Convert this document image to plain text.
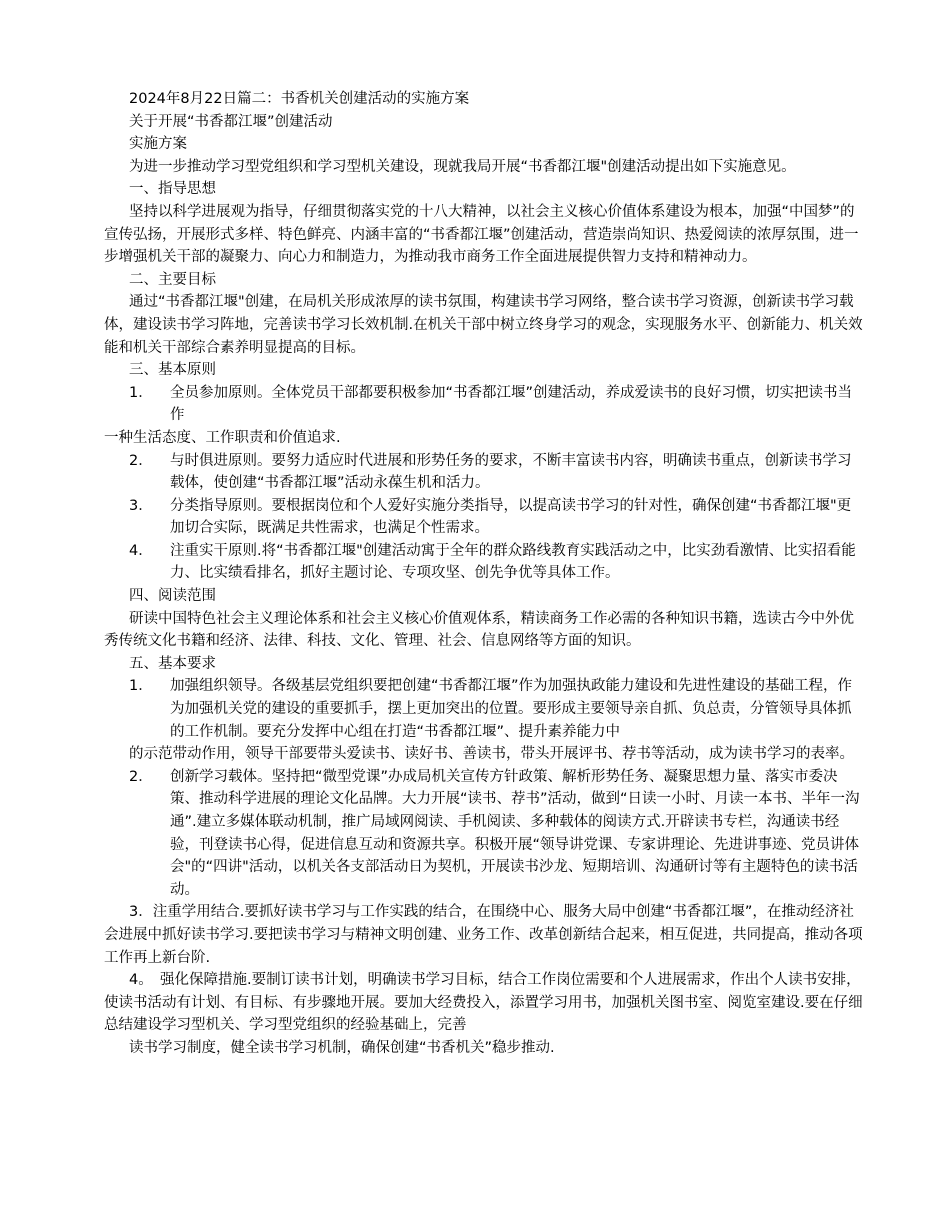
2024年8月22日篇二：书香机关创建活动的实施方案

关于开展“书香都江堰”创建活动

实施方案

为进一步推动学习型党组织和学习型机关建设，现就我局开展“书香都江堰"创建活动提出如下实施意见。

一、指导思想

坚持以科学进展观为指导，仔细贯彻落实党的十八大精神，以社会主义核心价值体系建设为根本，加强“中国梦”的宣传弘扬，开展形式多样、特色鲜亮、内涵丰富的“书香都江堰”创建活动，营造崇尚知识、热爱阅读的浓厚氛围，进一步增强机关干部的凝聚力、向心力和制造力，为推动我市商务工作全面进展提供智力支持和精神动力。

二、主要目标

通过“书香都江堰"创建，在局机关形成浓厚的读书氛围，构建读书学习网络，整合读书学习资源，创新读书学习载体，建设读书学习阵地，完善读书学习长效机制.在机关干部中树立终身学习的观念，实现服务水平、创新能力、机关效能和机关干部综合素养明显提高的目标。

三、基本原则

1．	全员参加原则。全体党员干部都要积极参加“书香都江堰”创建活动，养成爱读书的良好习惯，切实把读书当作

一种生活态度、工作职责和价值追求.

2．	与时俱进原则。要努力适应时代进展和形势任务的要求，不断丰富读书内容，明确读书重点，创新读书学习载体，使创建“书香都江堰”活动永葆生机和活力。
3．	分类指导原则。要根据岗位和个人爱好实施分类指导，以提高读书学习的针对性，确保创建“书香都江堰"更加切合实际，既满足共性需求，也满足个性需求。
4．	注重实干原则.将“书香都江堰"创建活动寓于全年的群众路线教育实践活动之中，比实劲看激情、比实招看能力、比实绩看排名，抓好主题讨论、专项攻坚、创先争优等具体工作。

四、阅读范围

研读中国特色社会主义理论体系和社会主义核心价值观体系，精读商务工作必需的各种知识书籍，选读古今中外优秀传统文化书籍和经济、法律、科技、文化、管理、社会、信息网络等方面的知识。

五、基本要求

1．	加强组织领导。各级基层党组织要把创建“书香都江堰”作为加强执政能力建设和先进性建设的基础工程，作为加强机关党的建设的重要抓手，摆上更加突出的位置。要形成主要领导亲自抓、负总责，分管领导具体抓的工作机制。要充分发挥中心组在打造“书香都江堰”、提升素养能力中

的示范带动作用，领导干部要带头爱读书、读好书、善读书，带头开展评书、荐书等活动，成为读书学习的表率。

2．	创新学习载体。坚持把“微型党课”办成局机关宣传方针政策、解析形势任务、凝聚思想力量、落实市委决策、推动科学进展的理论文化品牌。大力开展“读书、荐书”活动，做到“日读一小时、月读一本书、半年一沟通”.建立多媒体联动机制，推广局域网阅读、手机阅读、多种载体的阅读方式.开辟读书专栏，沟通读书经验，刊登读书心得，促进信息互动和资源共享。积极开展“领导讲党课、专家讲理论、先进讲事迹、党员讲体会"的“四讲"活动，以机关各支部活动日为契机，开展读书沙龙、短期培训、沟通研讨等有主题特色的读书活动。

3．注重学用结合.要抓好读书学习与工作实践的结合，在围绕中心、服务大局中创建“书香都江堰”，在推动经济社会进展中抓好读书学习.要把读书学习与精神文明创建、业务工作、改革创新结合起来，相互促进，共同提高，推动各项工作再上新台阶.

4。　强化保障措施.要制订读书计划，明确读书学习目标，结合工作岗位需要和个人进展需求，作出个人读书安排，使读书活动有计划、有目标、有步骤地开展。要加大经费投入，添置学习用书，加强机关图书室、阅览室建设.要在仔细总结建设学习型机关、学习型党组织的经验基础上，完善

读书学习制度，健全读书学习机制，确保创建“书香机关”稳步推动.
